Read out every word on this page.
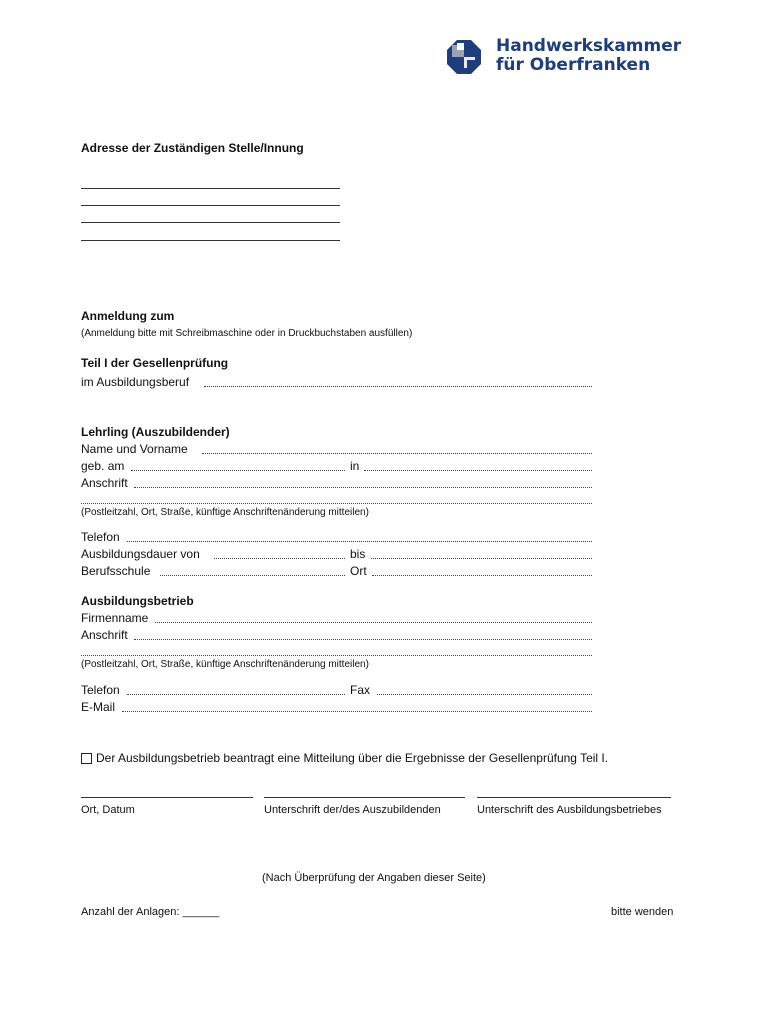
Handwerkskammer
für Oberfranken
Adresse der Zuständigen Stelle/Innung
Anmeldung zum
(Anmeldung bitte mit Schreibmaschine oder in Druckbuchstaben ausfüllen)
Teil I der Gesellenprüfung
im Ausbildungsberuf
Lehrling (Auszubildender)
Name und Vorname
geb. am	in
Anschrift
(Postleitzahl, Ort, Straße, künftige Anschriftenänderung mitteilen)
Telefon
Ausbildungsdauer von	bis
Berufsschule	Ort
Ausbildungsbetrieb
Firmenname
Anschrift
(Postleitzahl, Ort, Straße, künftige Anschriftenänderung mitteilen)
Telefon	Fax
E-Mail
Der Ausbildungsbetrieb beantragt eine Mitteilung über die Ergebnisse der Gesellenprüfung Teil I.
Ort, Datum	Unterschrift der/des Auszubildenden	Unterschrift des Ausbildungsbetriebes
(Nach Überprüfung der Angaben dieser Seite)
Anzahl der Anlagen: ______	bitte wenden
